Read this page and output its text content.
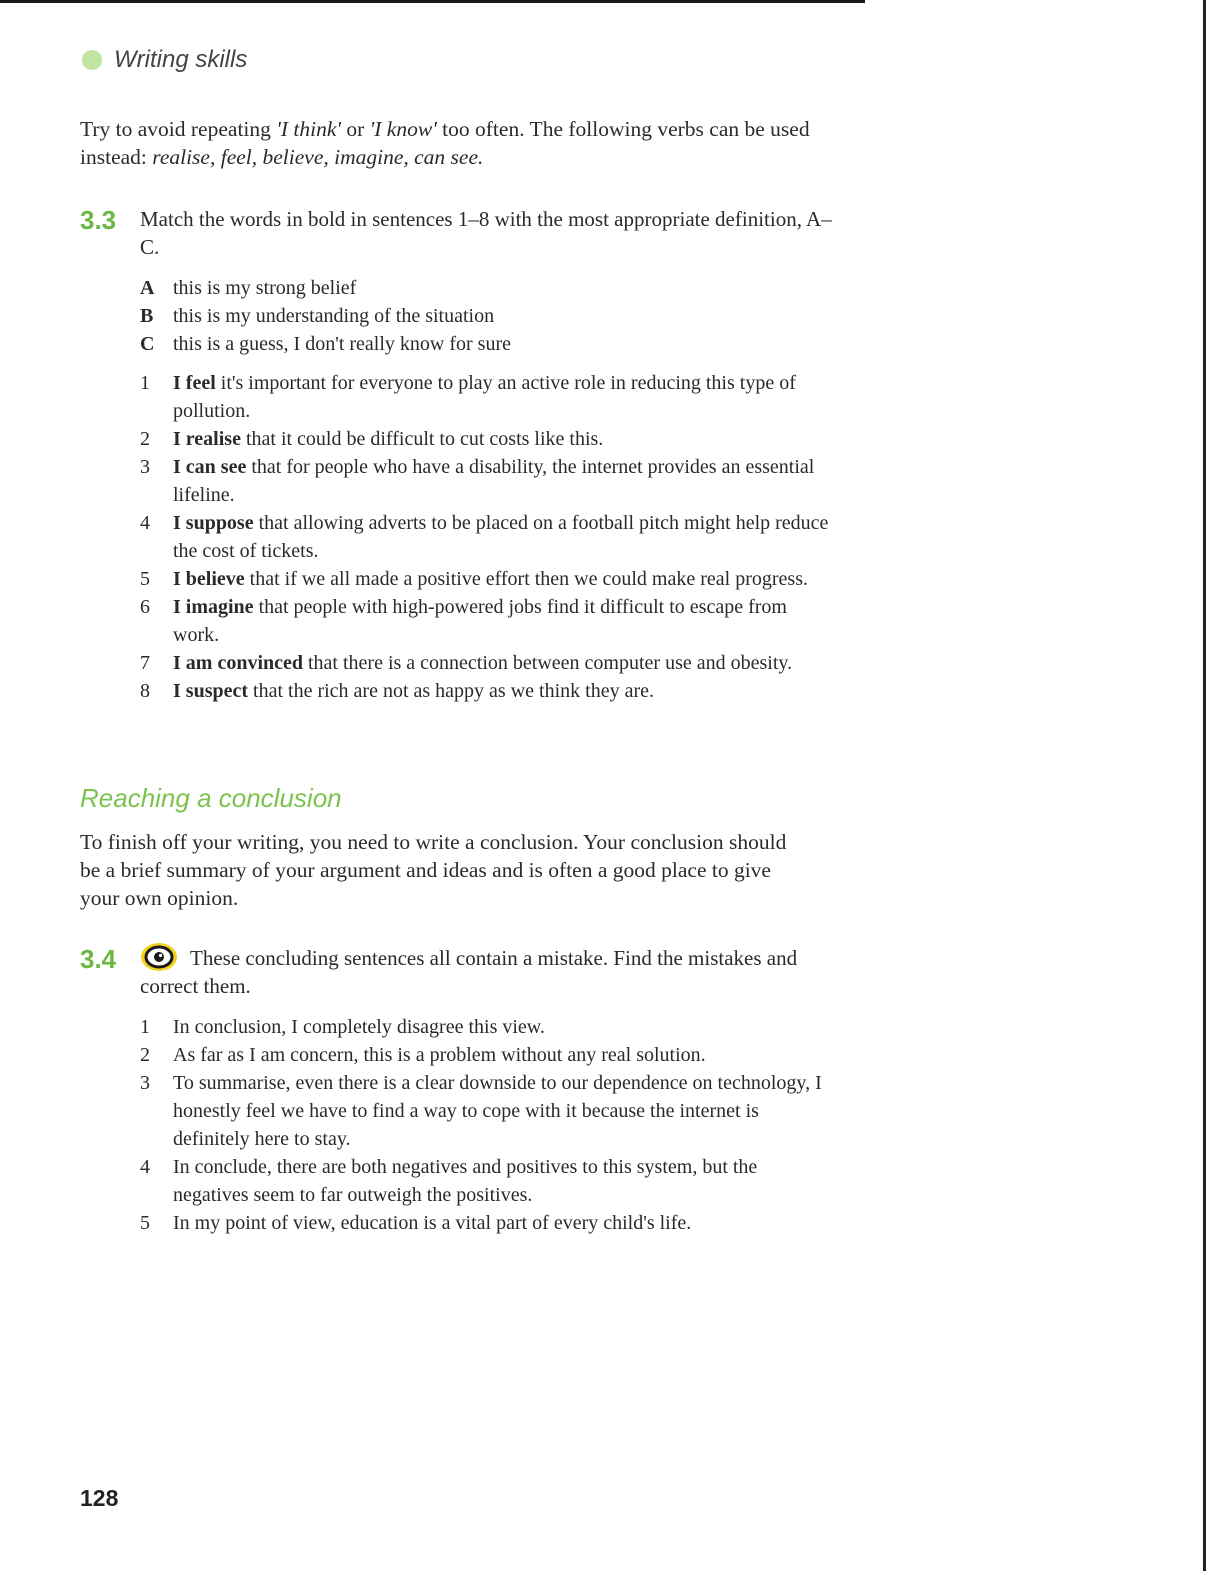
Writing skills
Try to avoid repeating 'I think' or 'I know' too often. The following verbs can be used instead: realise, feel, believe, imagine, can see.
3.3 Match the words in bold in sentences 1–8 with the most appropriate definition, A–C.
A this is my strong belief
B this is my understanding of the situation
C this is a guess, I don't really know for sure
1	I feel it's important for everyone to play an active role in reducing this type of pollution.
2	I realise that it could be difficult to cut costs like this.
3	I can see that for people who have a disability, the internet provides an essential lifeline.
4	I suppose that allowing adverts to be placed on a football pitch might help reduce the cost of tickets.
5	I believe that if we all made a positive effort then we could make real progress.
6	I imagine that people with high-powered jobs find it difficult to escape from work.
7	I am convinced that there is a connection between computer use and obesity.
8	I suspect that the rich are not as happy as we think they are.
Reaching a conclusion
To finish off your writing, you need to write a conclusion. Your conclusion should be a brief summary of your argument and ideas and is often a good place to give your own opinion.
3.4	These concluding sentences all contain a mistake. Find the mistakes and correct them.
1	In conclusion, I completely disagree this view.
2	As far as I am concern, this is a problem without any real solution.
3	To summarise, even there is a clear downside to our dependence on technology, I honestly feel we have to find a way to cope with it because the internet is definitely here to stay.
4	In conclude, there are both negatives and positives to this system, but the negatives seem to far outweigh the positives.
5	In my point of view, education is a vital part of every child's life.
128
